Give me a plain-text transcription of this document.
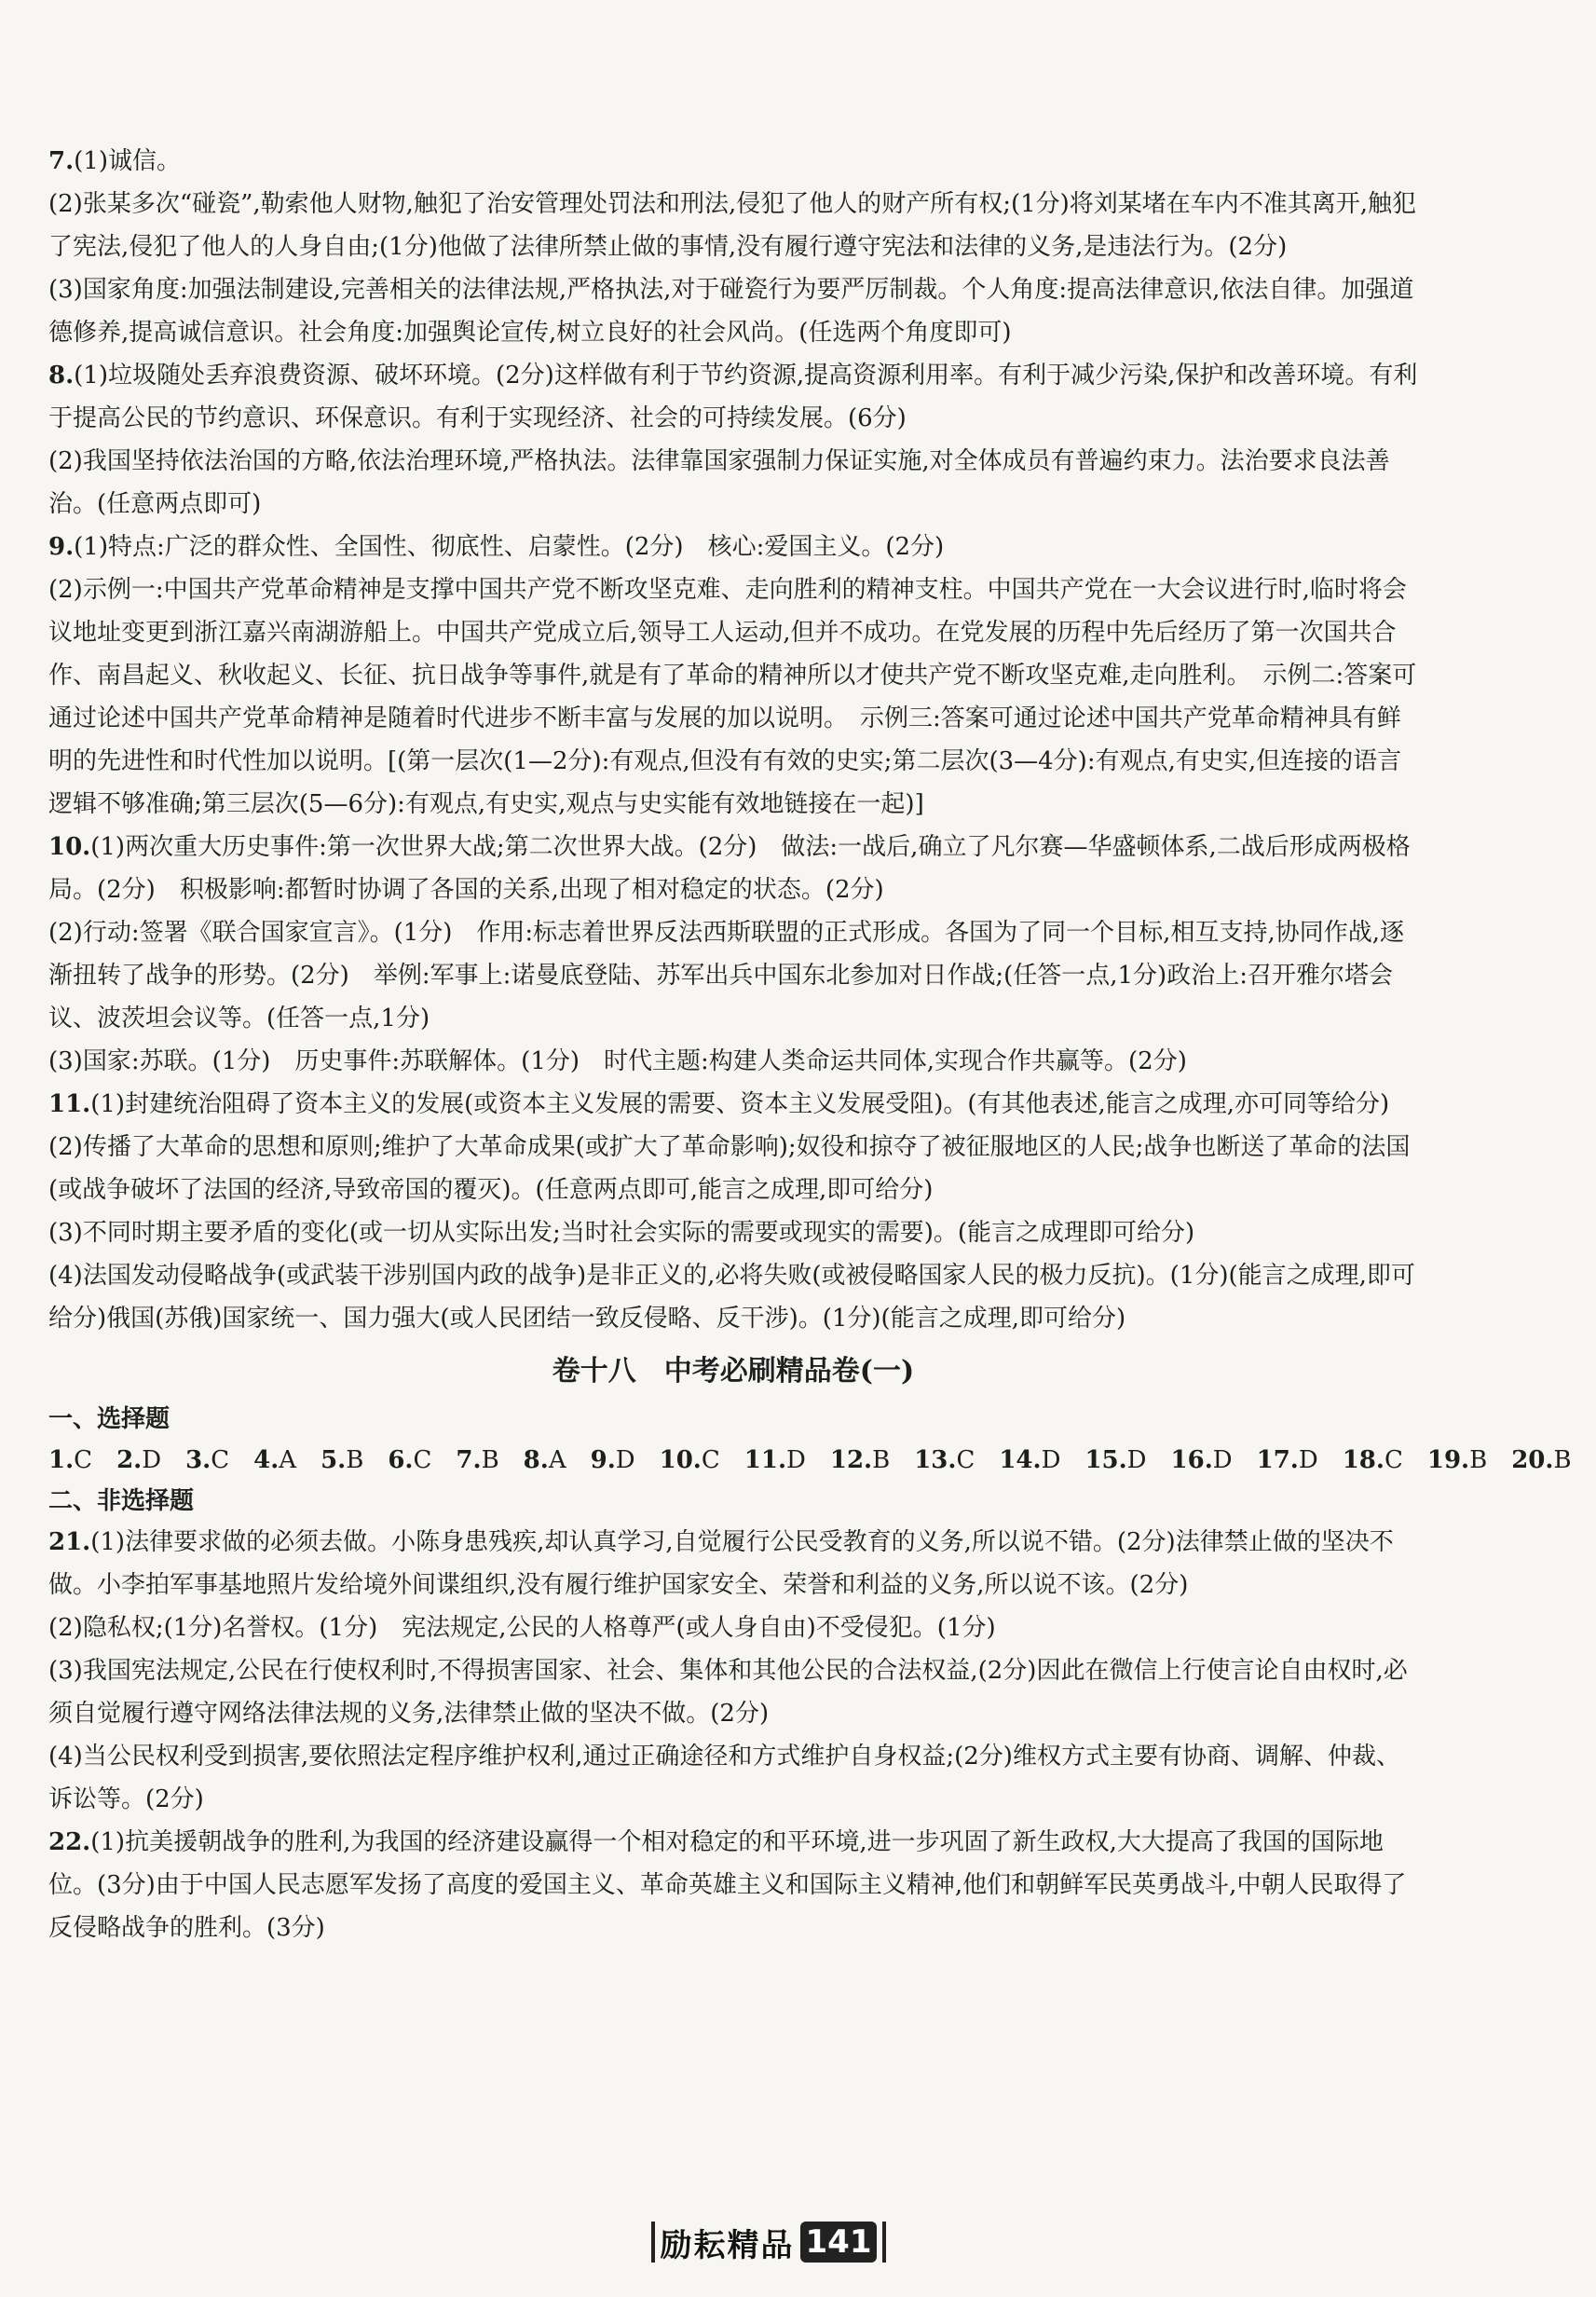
7.(1)诚信。

(2)张某多次“碰瓷”,勒索他人财物,触犯了治安管理处罚法和刑法,侵犯了他人的财产所有权;(1分)将刘某堵在车内不准其离开,触犯了宪法,侵犯了他人的人身自由;(1分)他做了法律所禁止做的事情,没有履行遵守宪法和法律的义务,是违法行为。(2分)

(3)国家角度:加强法制建设,完善相关的法律法规,严格执法,对于碰瓷行为要严厉制裁。个人角度:提高法律意识,依法自律。加强道德修养,提高诚信意识。社会角度:加强舆论宣传,树立良好的社会风尚。(任选两个角度即可)

8.(1)垃圾随处丢弃浪费资源、破坏环境。(2分)这样做有利于节约资源,提高资源利用率。有利于减少污染,保护和改善环境。有利于提高公民的节约意识、环保意识。有利于实现经济、社会的可持续发展。(6分)

(2)我国坚持依法治国的方略,依法治理环境,严格执法。法律靠国家强制力保证实施,对全体成员有普遍约束力。法治要求良法善治。(任意两点即可)

9.(1)特点:广泛的群众性、全国性、彻底性、启蒙性。(2分)　核心:爱国主义。(2分)

(2)示例一:中国共产党革命精神是支撑中国共产党不断攻坚克难、走向胜利的精神支柱。中国共产党在一大会议进行时,临时将会议地址变更到浙江嘉兴南湖游船上。中国共产党成立后,领导工人运动,但并不成功。在党发展的历程中先后经历了第一次国共合作、南昌起义、秋收起义、长征、抗日战争等事件,就是有了革命的精神所以才使共产党不断攻坚克难,走向胜利。　示例二:答案可通过论述中国共产党革命精神是随着时代进步不断丰富与发展的加以说明。　示例三:答案可通过论述中国共产党革命精神具有鲜明的先进性和时代性加以说明。[(第一层次(1—2分):有观点,但没有有效的史实;第二层次(3—4分):有观点,有史实,但连接的语言逻辑不够准确;第三层次(5—6分):有观点,有史实,观点与史实能有效地链接在一起)]

10.(1)两次重大历史事件:第一次世界大战;第二次世界大战。(2分)　做法:一战后,确立了凡尔赛—华盛顿体系,二战后形成两极格局。(2分)　积极影响:都暂时协调了各国的关系,出现了相对稳定的状态。(2分)

(2)行动:签署《联合国家宣言》。(1分)　作用:标志着世界反法西斯联盟的正式形成。各国为了同一个目标,相互支持,协同作战,逐渐扭转了战争的形势。(2分)　举例:军事上:诺曼底登陆、苏军出兵中国东北参加对日作战;(任答一点,1分)政治上:召开雅尔塔会议、波茨坦会议等。(任答一点,1分)

(3)国家:苏联。(1分)　历史事件:苏联解体。(1分)　时代主题:构建人类命运共同体,实现合作共赢等。(2分)

11.(1)封建统治阻碍了资本主义的发展(或资本主义发展的需要、资本主义发展受阻)。(有其他表述,能言之成理,亦可同等给分)

(2)传播了大革命的思想和原则;维护了大革命成果(或扩大了革命影响);奴役和掠夺了被征服地区的人民;战争也断送了革命的法国(或战争破坏了法国的经济,导致帝国的覆灭)。(任意两点即可,能言之成理,即可给分)

(3)不同时期主要矛盾的变化(或一切从实际出发;当时社会实际的需要或现实的需要)。(能言之成理即可给分)

(4)法国发动侵略战争(或武装干涉别国内政的战争)是非正义的,必将失败(或被侵略国家人民的极力反抗)。(1分)(能言之成理,即可给分)俄国(苏俄)国家统一、国力强大(或人民团结一致反侵略、反干涉)。(1分)(能言之成理,即可给分)

卷十八　中考必刷精品卷(一)

一、选择题

1.C 2.D 3.C 4.A 5.B 6.C 7.B 8.A 9.D 10.C 11.D 12.B 13.C 14.D 15.D 16.D 17.D 18.C 19.B 20.B

二、非选择题

21.(1)法律要求做的必须去做。小陈身患残疾,却认真学习,自觉履行公民受教育的义务,所以说不错。(2分)法律禁止做的坚决不做。小李拍军事基地照片发给境外间谍组织,没有履行维护国家安全、荣誉和利益的义务,所以说不该。(2分)

(2)隐私权;(1分)名誉权。(1分)　宪法规定,公民的人格尊严(或人身自由)不受侵犯。(1分)

(3)我国宪法规定,公民在行使权利时,不得损害国家、社会、集体和其他公民的合法权益,(2分)因此在微信上行使言论自由权时,必须自觉履行遵守网络法律法规的义务,法律禁止做的坚决不做。(2分)

(4)当公民权利受到损害,要依照法定程序维护权利,通过正确途径和方式维护自身权益;(2分)维权方式主要有协商、调解、仲裁、诉讼等。(2分)

22.(1)抗美援朝战争的胜利,为我国的经济建设赢得一个相对稳定的和平环境,进一步巩固了新生政权,大大提高了我国的国际地位。(3分)由于中国人民志愿军发扬了高度的爱国主义、革命英雄主义和国际主义精神,他们和朝鲜军民英勇战斗,中朝人民取得了反侵略战争的胜利。(3分)

励耘精品 141
